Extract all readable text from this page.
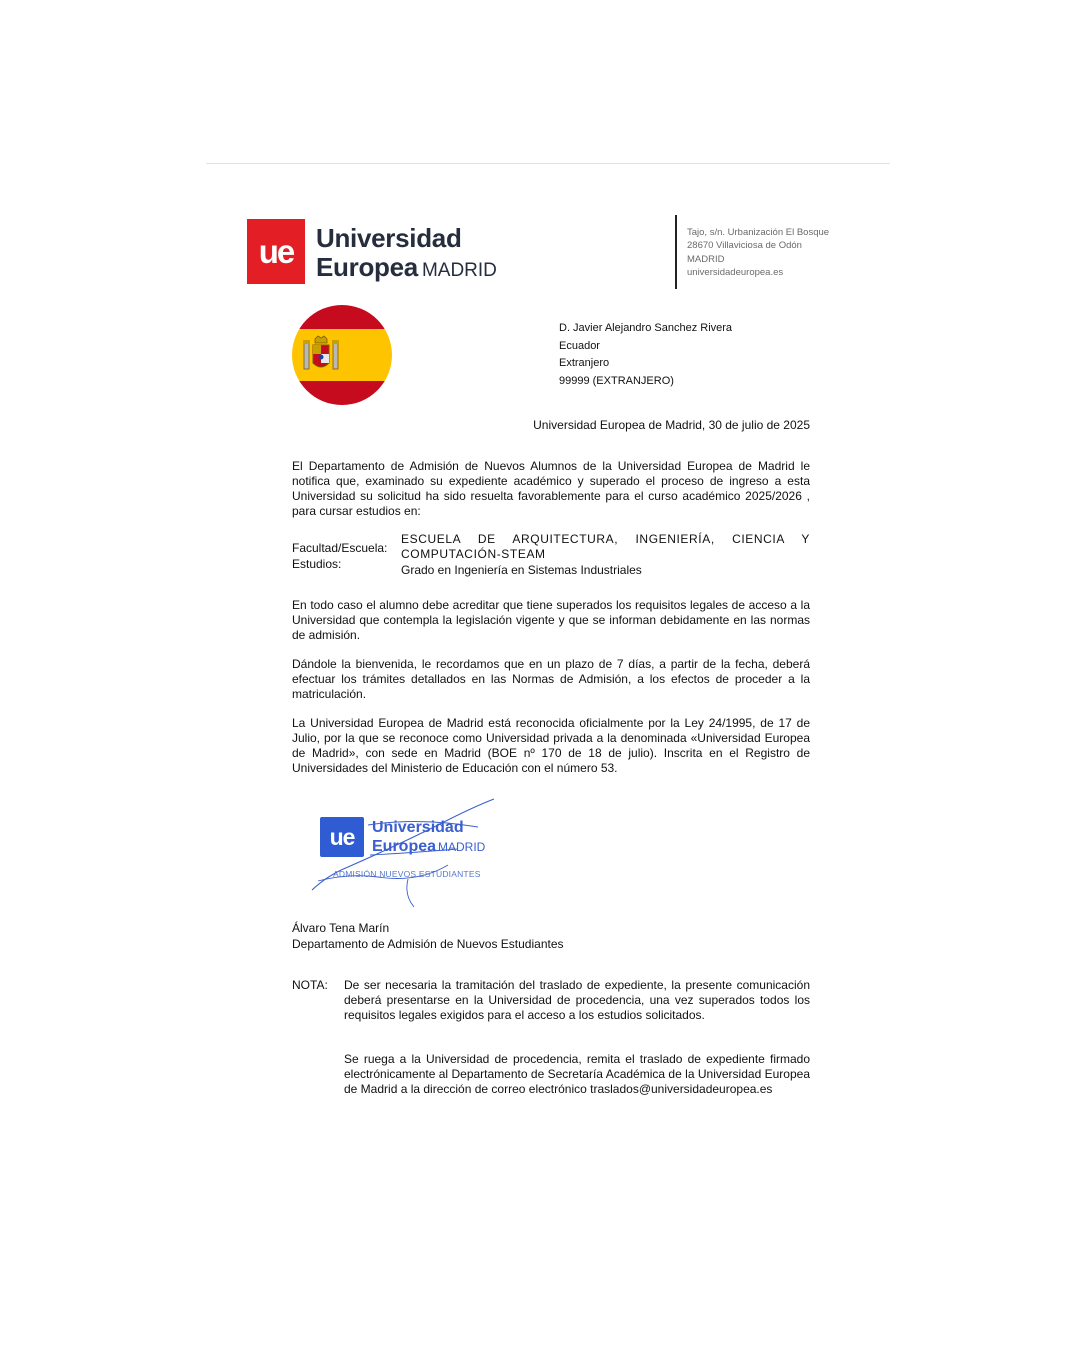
ue Universidad
Europea MADRID
Tajo, s/n. Urbanización El Bosque
28670 Villaviciosa de Odón
MADRID
universidadeuropea.es
D. Javier Alejandro Sanchez Rivera
Ecuador
Extranjero
99999 (EXTRANJERO)
Universidad Europea de Madrid, 30 de julio de 2025
El Departamento de Admisión de Nuevos Alumnos de la Universidad Europea de Madrid le notifica que, examinado su expediente académico y superado el proceso de ingreso a esta Universidad su solicitud ha sido resuelta favorablemente para el curso académico 2025/2026 , para cursar estudios en:
Facultad/Escuela:
Estudios:
ESCUELA DE ARQUITECTURA, INGENIERÍA, CIENCIA Y COMPUTACIÓN-STEAM
Grado en Ingeniería en Sistemas Industriales
En todo caso el alumno debe acreditar que tiene superados los requisitos legales de acceso a la Universidad que contempla la legislación vigente y que se informan debidamente en las normas de admisión.
Dándole la bienvenida, le recordamos que en un plazo de 7 días, a partir de la fecha, deberá efectuar los trámites detallados en las Normas de Admisión, a los efectos de proceder a la matriculación.
La Universidad Europea de Madrid está reconocida oficialmente por la Ley 24/1995, de 17 de Julio, por la que se reconoce como Universidad privada a la denominada «Universidad Europea de Madrid», con sede en Madrid (BOE nº 170 de 18 de julio). Inscrita en el Registro de Universidades del Ministerio de Educación con el número 53.
ue	Universidad
Europea MADRID
ADMISIÓN NUEVOS ESTUDIANTES
Álvaro Tena Marín
Departamento de Admisión de Nuevos Estudiantes
NOTA: De ser necesaria la tramitación del traslado de expediente, la presente comunicación deberá presentarse en la Universidad de procedencia, una vez superados todos los requisitos legales exigidos para el acceso a los estudios solicitados.
Se ruega a la Universidad de procedencia, remita el traslado de expediente firmado electrónicamente al Departamento de Secretaría Académica de la Universidad Europea de Madrid a la dirección de correo electrónico traslados@universidadeuropea.es
